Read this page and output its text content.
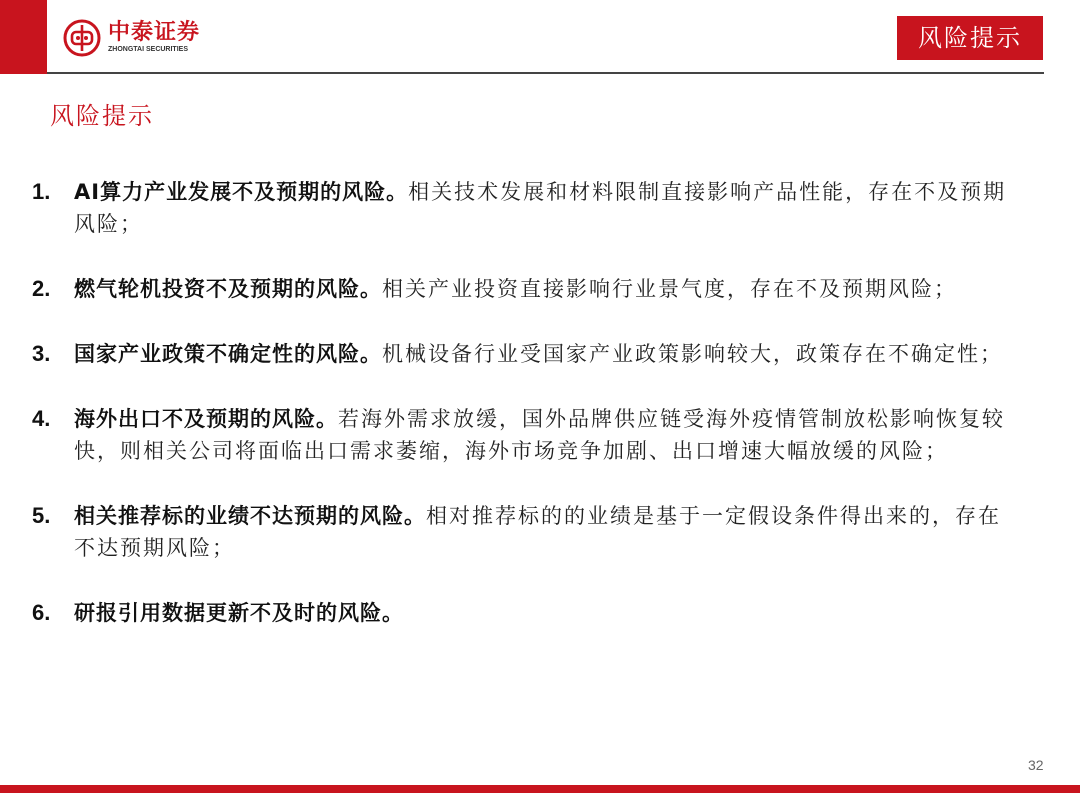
中泰证券
ZHONGTAI SECURITIES	风险提示
风险提示
1. AI算力产业发展不及预期的风险。相关技术发展和材料限制直接影响产品性能，存在不及预期风险；
2. 燃气轮机投资不及预期的风险。相关产业投资直接影响行业景气度，存在不及预期风险；
3. 国家产业政策不确定性的风险。机械设备行业受国家产业政策影响较大，政策存在不确定性；
4. 海外出口不及预期的风险。若海外需求放缓，国外品牌供应链受海外疫情管制放松影响恢复较快，则相关公司将面临出口需求萎缩，海外市场竞争加剧、出口增速大幅放缓的风险；
5. 相关推荐标的业绩不达预期的风险。相对推荐标的的业绩是基于一定假设条件得出来的，存在不达预期风险；
6. 研报引用数据更新不及时的风险。
32
